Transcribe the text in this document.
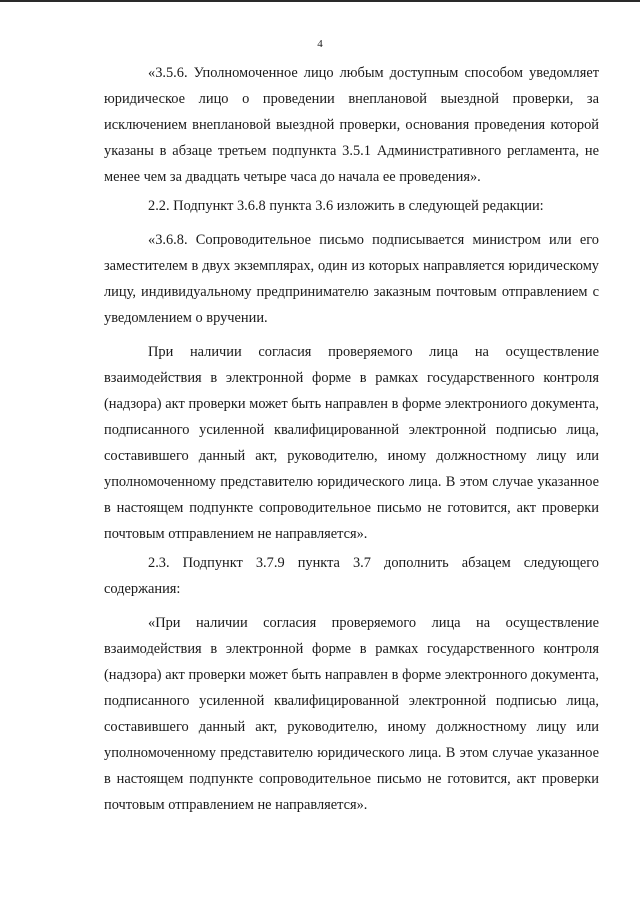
4

«3.5.6. Уполномоченное лицо любым доступным способом уведомляет юридическое лицо о проведении внеплановой выездной проверки, за исключением внеплановой выездной проверки, основания проведения которой указаны в абзаце третьем подпункта 3.5.1 Административного регламента, не менее чем за двадцать четыре часа до начала ее проведения».

2.2. Подпункт 3.6.8 пункта 3.6 изложить в следующей редакции:

«3.6.8. Сопроводительное письмо подписывается министром или его заместителем в двух экземплярах, один из которых направляется юридическому лицу, индивидуальному предпринимателю заказным почтовым отправлением с уведомлением о вручении.

При наличии согласия проверяемого лица на осуществление взаимодействия в электронной форме в рамках государственного контроля (надзора) акт проверки может быть направлен в форме электрониого документа, подписанного усиленной квалифицированной электронной подписью лица, составившего данный акт, руководителю, иному должностному лицу или уполномоченному представителю юридического лица. В этом случае указанное в настоящем подпункте сопроводительное письмо не готовится, акт проверки почтовым отправлением не направляется».

2.3. Подпункт 3.7.9 пункта 3.7 дополнить абзацем следующего содержания:

«При наличии согласия проверяемого лица на осуществление взаимодействия в электронной форме в рамках государственного контроля (надзора) акт проверки может быть направлен в форме электронного документа, подписанного усиленной квалифицированной электронной подписью лица, составившего данный акт, руководителю, иному должностному лицу или уполномоченному представителю юридического лица. В этом случае указанное в настоящем подпункте сопроводительное письмо не готовится, акт проверки почтовым отправлением не направляется».
